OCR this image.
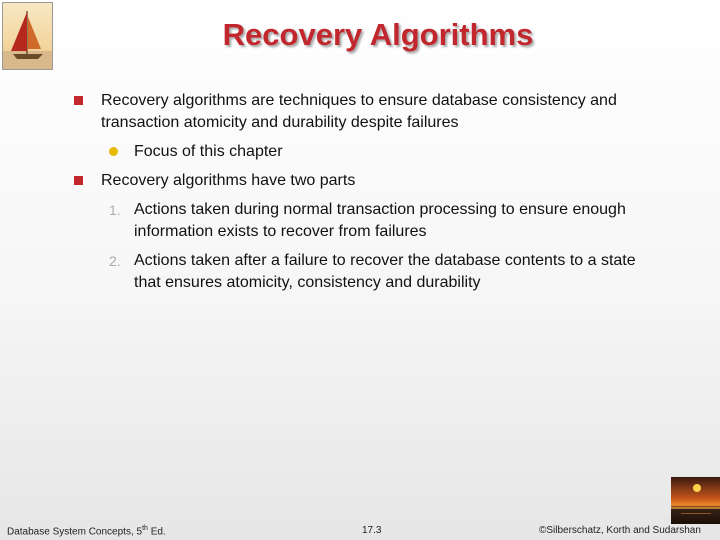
Recovery Algorithms
Recovery algorithms are techniques to ensure database consistency and transaction atomicity and durability despite failures
Focus of this chapter
Recovery algorithms have two parts
1. Actions taken during normal transaction processing to ensure enough information exists to recover from failures
2. Actions taken after a failure to recover the database contents to a state that ensures atomicity, consistency and durability
Database System Concepts, 5th Ed.	17.3	©Silberschatz, Korth and Sudarshan
